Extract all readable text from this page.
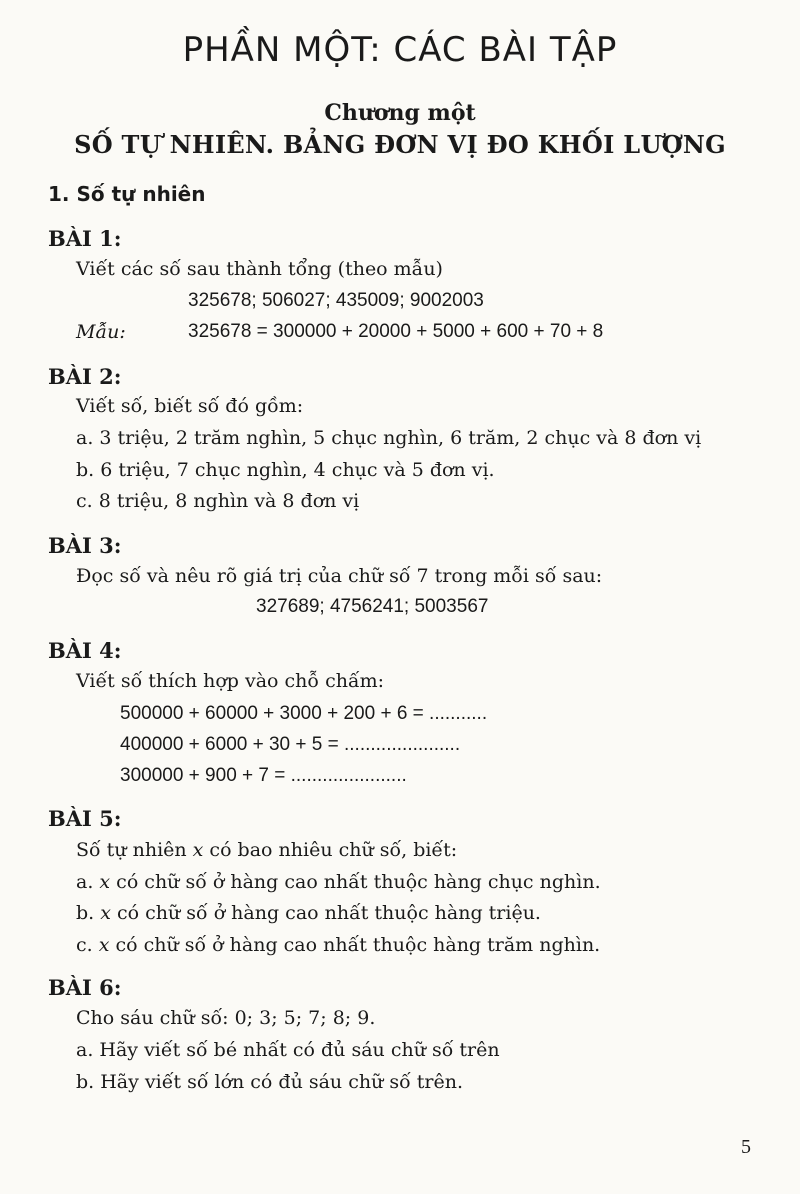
PHẦN MỘT: CÁC BÀI TẬP
Chương một
SỐ TỰ NHIÊN. BẢNG ĐƠN VỊ ĐO KHỐI LƯỢNG
1. Số tự nhiên
BÀI 1:
Viết các số sau thành tổng (theo mẫu)
325678; 506027; 435009; 9002003
Mẫu:	325678 = 300000 + 20000 + 5000 + 600 + 70 + 8
BÀI 2:
Viết số, biết số đó gồm:
a. 3 triệu, 2 trăm nghìn, 5 chục nghìn, 6 trăm, 2 chục và 8 đơn vị
b. 6 triệu, 7 chục nghìn, 4 chục và 5 đơn vị.
c. 8 triệu, 8 nghìn và 8 đơn vị
BÀI 3:
Đọc số và nêu rõ giá trị của chữ số 7 trong mỗi số sau:
327689; 4756241; 5003567
BÀI 4:
Viết số thích hợp vào chỗ chấm:
500000 + 60000 + 3000 + 200 + 6 = ...........
400000 + 6000 + 30 + 5 = ......................
300000 + 900 + 7 = ......................
BÀI 5:
Số tự nhiên x có bao nhiêu chữ số, biết:
a. x có chữ số ở hàng cao nhất thuộc hàng chục nghìn.
b. x có chữ số ở hàng cao nhất thuộc hàng triệu.
c. x có chữ số ở hàng cao nhất thuộc hàng trăm nghìn.
BÀI 6:
Cho sáu chữ số: 0; 3; 5; 7; 8; 9.
a. Hãy viết số bé nhất có đủ sáu chữ số trên
b. Hãy viết số lớn có đủ sáu chữ số trên.
5
